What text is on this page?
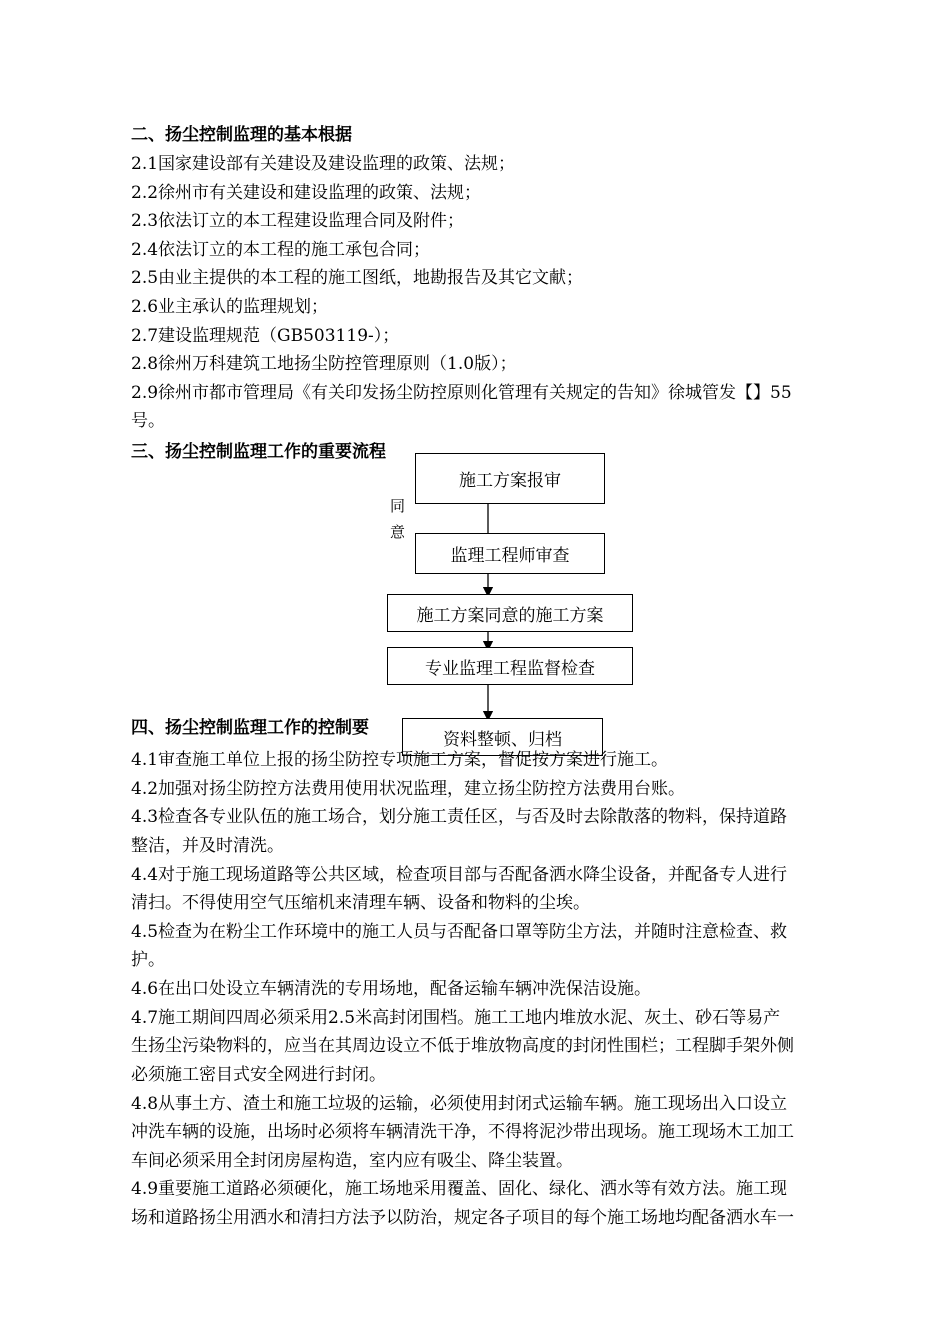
二、扬尘控制监理的基本根据
2.1国家建设部有关建设及建设监理的政策、法规；
2.2徐州市有关建设和建设监理的政策、法规；
2.3依法订立的本工程建设监理合同及附件；
2.4依法订立的本工程的施工承包合同；
2.5由业主提供的本工程的施工图纸，地勘报告及其它文献；
2.6业主承认的监理规划；
2.7建设监理规范（GB503119-）；
2.8徐州万科建筑工地扬尘防控管理原则（1.0版）；
2.9徐州市都市管理局《有关印发扬尘防控原则化管理有关规定的告知》徐城管发【】55
号。
三、扬尘控制监理工作的重要流程
施工方案报审
同
意
监理工程师审查
施工方案同意的施工方案
专业监理工程监督检查
四、扬尘控制监理工作的控制要
资料整顿、归档
4.1审查施工单位上报的扬尘防控专项施工方案，督促按方案进行施工。
4.2加强对扬尘防控方法费用使用状况监理，建立扬尘防控方法费用台账。
4.3检查各专业队伍的施工场合，划分施工责任区，与否及时去除散落的物料，保持道路
整洁，并及时清洗。
4.4对于施工现场道路等公共区域，检查项目部与否配备洒水降尘设备，并配备专人进行
清扫。不得使用空气压缩机来清理车辆、设备和物料的尘埃。
4.5检查为在粉尘工作环境中的施工人员与否配备口罩等防尘方法，并随时注意检查、救
护。
4.6在出口处设立车辆清洗的专用场地，配备运输车辆冲洗保洁设施。
4.7施工期间四周必须采用2.5米高封闭围档。施工工地内堆放水泥、灰土、砂石等易产
生扬尘污染物料的，应当在其周边设立不低于堆放物高度的封闭性围栏；工程脚手架外侧
必须施工密目式安全网进行封闭。
4.8从事土方、渣土和施工垃圾的运输，必须使用封闭式运输车辆。施工现场出入口设立
冲洗车辆的设施，出场时必须将车辆清洗干净，不得将泥沙带出现场。施工现场木工加工
车间必须采用全封闭房屋构造，室内应有吸尘、降尘装置。
4.9重要施工道路必须硬化，施工场地采用覆盖、固化、绿化、洒水等有效方法。施工现
场和道路扬尘用洒水和清扫方法予以防治，规定各子项目的每个施工场地均配备洒水车一
